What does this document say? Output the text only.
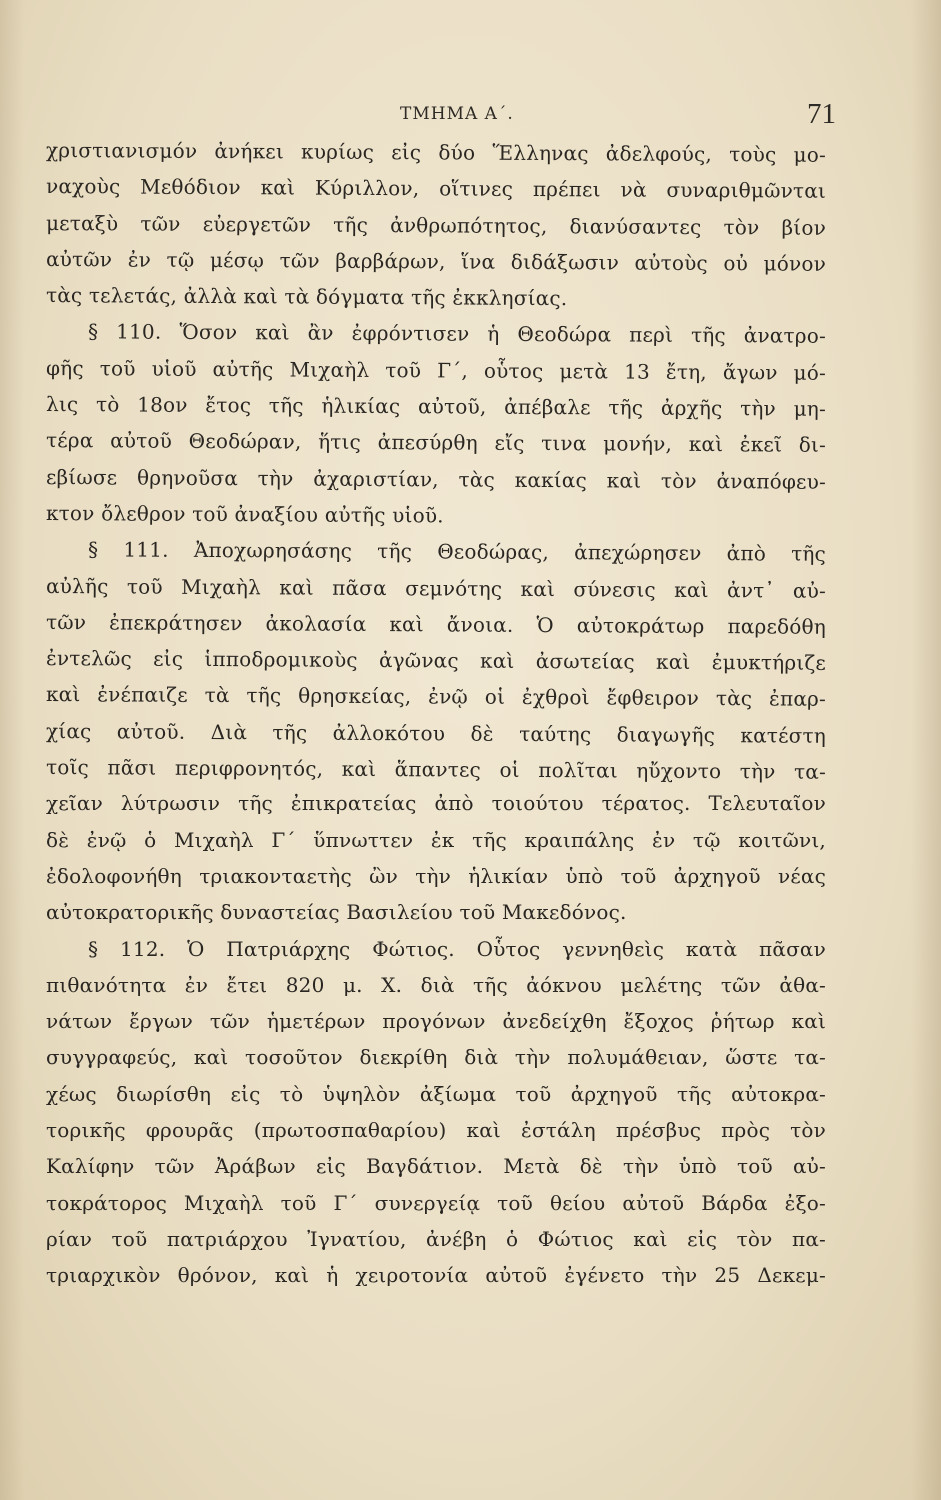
ΤΜΗΜΑ Α΄.	71
χριστιανισμόν ἀνήκει κυρίως εἰς δύο Ἕλληνας ἀδελφούς, τοὺς μο-
ναχοὺς Μεθόδιον καὶ Κύριλλον, οἵτινες πρέπει νὰ συναριθμῶνται
μεταξὺ τῶν εὐεργετῶν τῆς ἀνθρωπότητος, διανύσαντες τὸν βίον
αὐτῶν ἐν τῷ μέσῳ τῶν βαρβάρων, ἵνα διδάξωσιν αὐτοὺς οὐ μόνον
τὰς τελετάς, ἀλλὰ καὶ τὰ δόγματα τῆς ἐκκλησίας.
§ 110. Ὅσον καὶ ἂν ἐφρόντισεν ἡ Θεοδώρα περὶ τῆς ἀνατρο-
φῆς τοῦ υἱοῦ αὐτῆς Μιχαὴλ τοῦ Γ΄, οὗτος μετὰ 13 ἔτη, ἄγων μό-
λις τὸ 18ον ἔτος τῆς ἡλικίας αὐτοῦ, ἀπέβαλε τῆς ἀρχῆς τὴν μη-
τέρα αὐτοῦ Θεοδώραν, ἥτις ἀπεσύρθη εἴς τινα μονήν, καὶ ἐκεῖ δι-
εβίωσε θρηνοῦσα τὴν ἀχαριστίαν, τὰς κακίας καὶ τὸν ἀναπόφευ-
κτον ὄλεθρον τοῦ ἀναξίου αὐτῆς υἱοῦ.
§ 111. Ἀποχωρησάσης τῆς Θεοδώρας, ἀπεχώρησεν ἀπὸ τῆς
αὐλῆς τοῦ Μιχαὴλ καὶ πᾶσα σεμνότης καὶ σύνεσις καὶ ἀντ᾽ αὐ-
τῶν ἐπεκράτησεν ἀκολασία καὶ ἄνοια. Ὁ αὐτοκράτωρ παρεδόθη
ἐντελῶς εἰς ἱπποδρομικοὺς ἀγῶνας καὶ ἀσωτείας καὶ ἐμυκτήριζε
καὶ ἐνέπαιζε τὰ τῆς θρησκείας, ἐνῷ οἱ ἐχθροὶ ἔφθειρον τὰς ἐπαρ-
χίας αὐτοῦ. Διὰ τῆς ἀλλοκότου δὲ ταύτης διαγωγῆς κατέστη
τοῖς πᾶσι περιφρονητός, καὶ ἅπαντες οἱ πολῖται ηὔχοντο τὴν τα-
χεῖαν λύτρωσιν τῆς ἐπικρατείας ἀπὸ τοιούτου τέρατος. Τελευταῖον
δὲ ἐνῷ ὁ Μιχαὴλ Γ΄ ὕπνωττεν ἐκ τῆς κραιπάλης ἐν τῷ κοιτῶνι,
ἐδολοφονήθη τριακονταετὴς ὢν τὴν ἡλικίαν ὑπὸ τοῦ ἀρχηγοῦ νέας
αὐτοκρατορικῆς δυναστείας Βασιλείου τοῦ Μακεδόνος.
§ 112. Ὁ Πατριάρχης Φώτιος. Οὗτος γεννηθεὶς κατὰ πᾶσαν
πιθανότητα ἐν ἔτει 820 μ. Χ. διὰ τῆς ἀόκνου μελέτης τῶν ἀθα-
νάτων ἔργων τῶν ἡμετέρων προγόνων ἀνεδείχθη ἔξοχος ῥήτωρ καὶ
συγγραφεύς, καὶ τοσοῦτον διεκρίθη διὰ τὴν πολυμάθειαν, ὥστε τα-
χέως διωρίσθη εἰς τὸ ὑψηλὸν ἀξίωμα τοῦ ἀρχηγοῦ τῆς αὐτοκρα-
τορικῆς φρουρᾶς (πρωτοσπαθαρίου) καὶ ἐστάλη πρέσβυς πρὸς τὸν
Καλίφην τῶν Ἀράβων εἰς Βαγδάτιον. Μετὰ δὲ τὴν ὑπὸ τοῦ αὐ-
τοκράτορος Μιχαὴλ τοῦ Γ΄ συνεργείᾳ τοῦ θείου αὐτοῦ Βάρδα ἐξο-
ρίαν τοῦ πατριάρχου Ἰγνατίου, ἀνέβη ὁ Φώτιος καὶ εἰς τὸν πα-
τριαρχικὸν θρόνον, καὶ ἡ χειροτονία αὐτοῦ ἐγένετο τὴν 25 Δεκεμ-
